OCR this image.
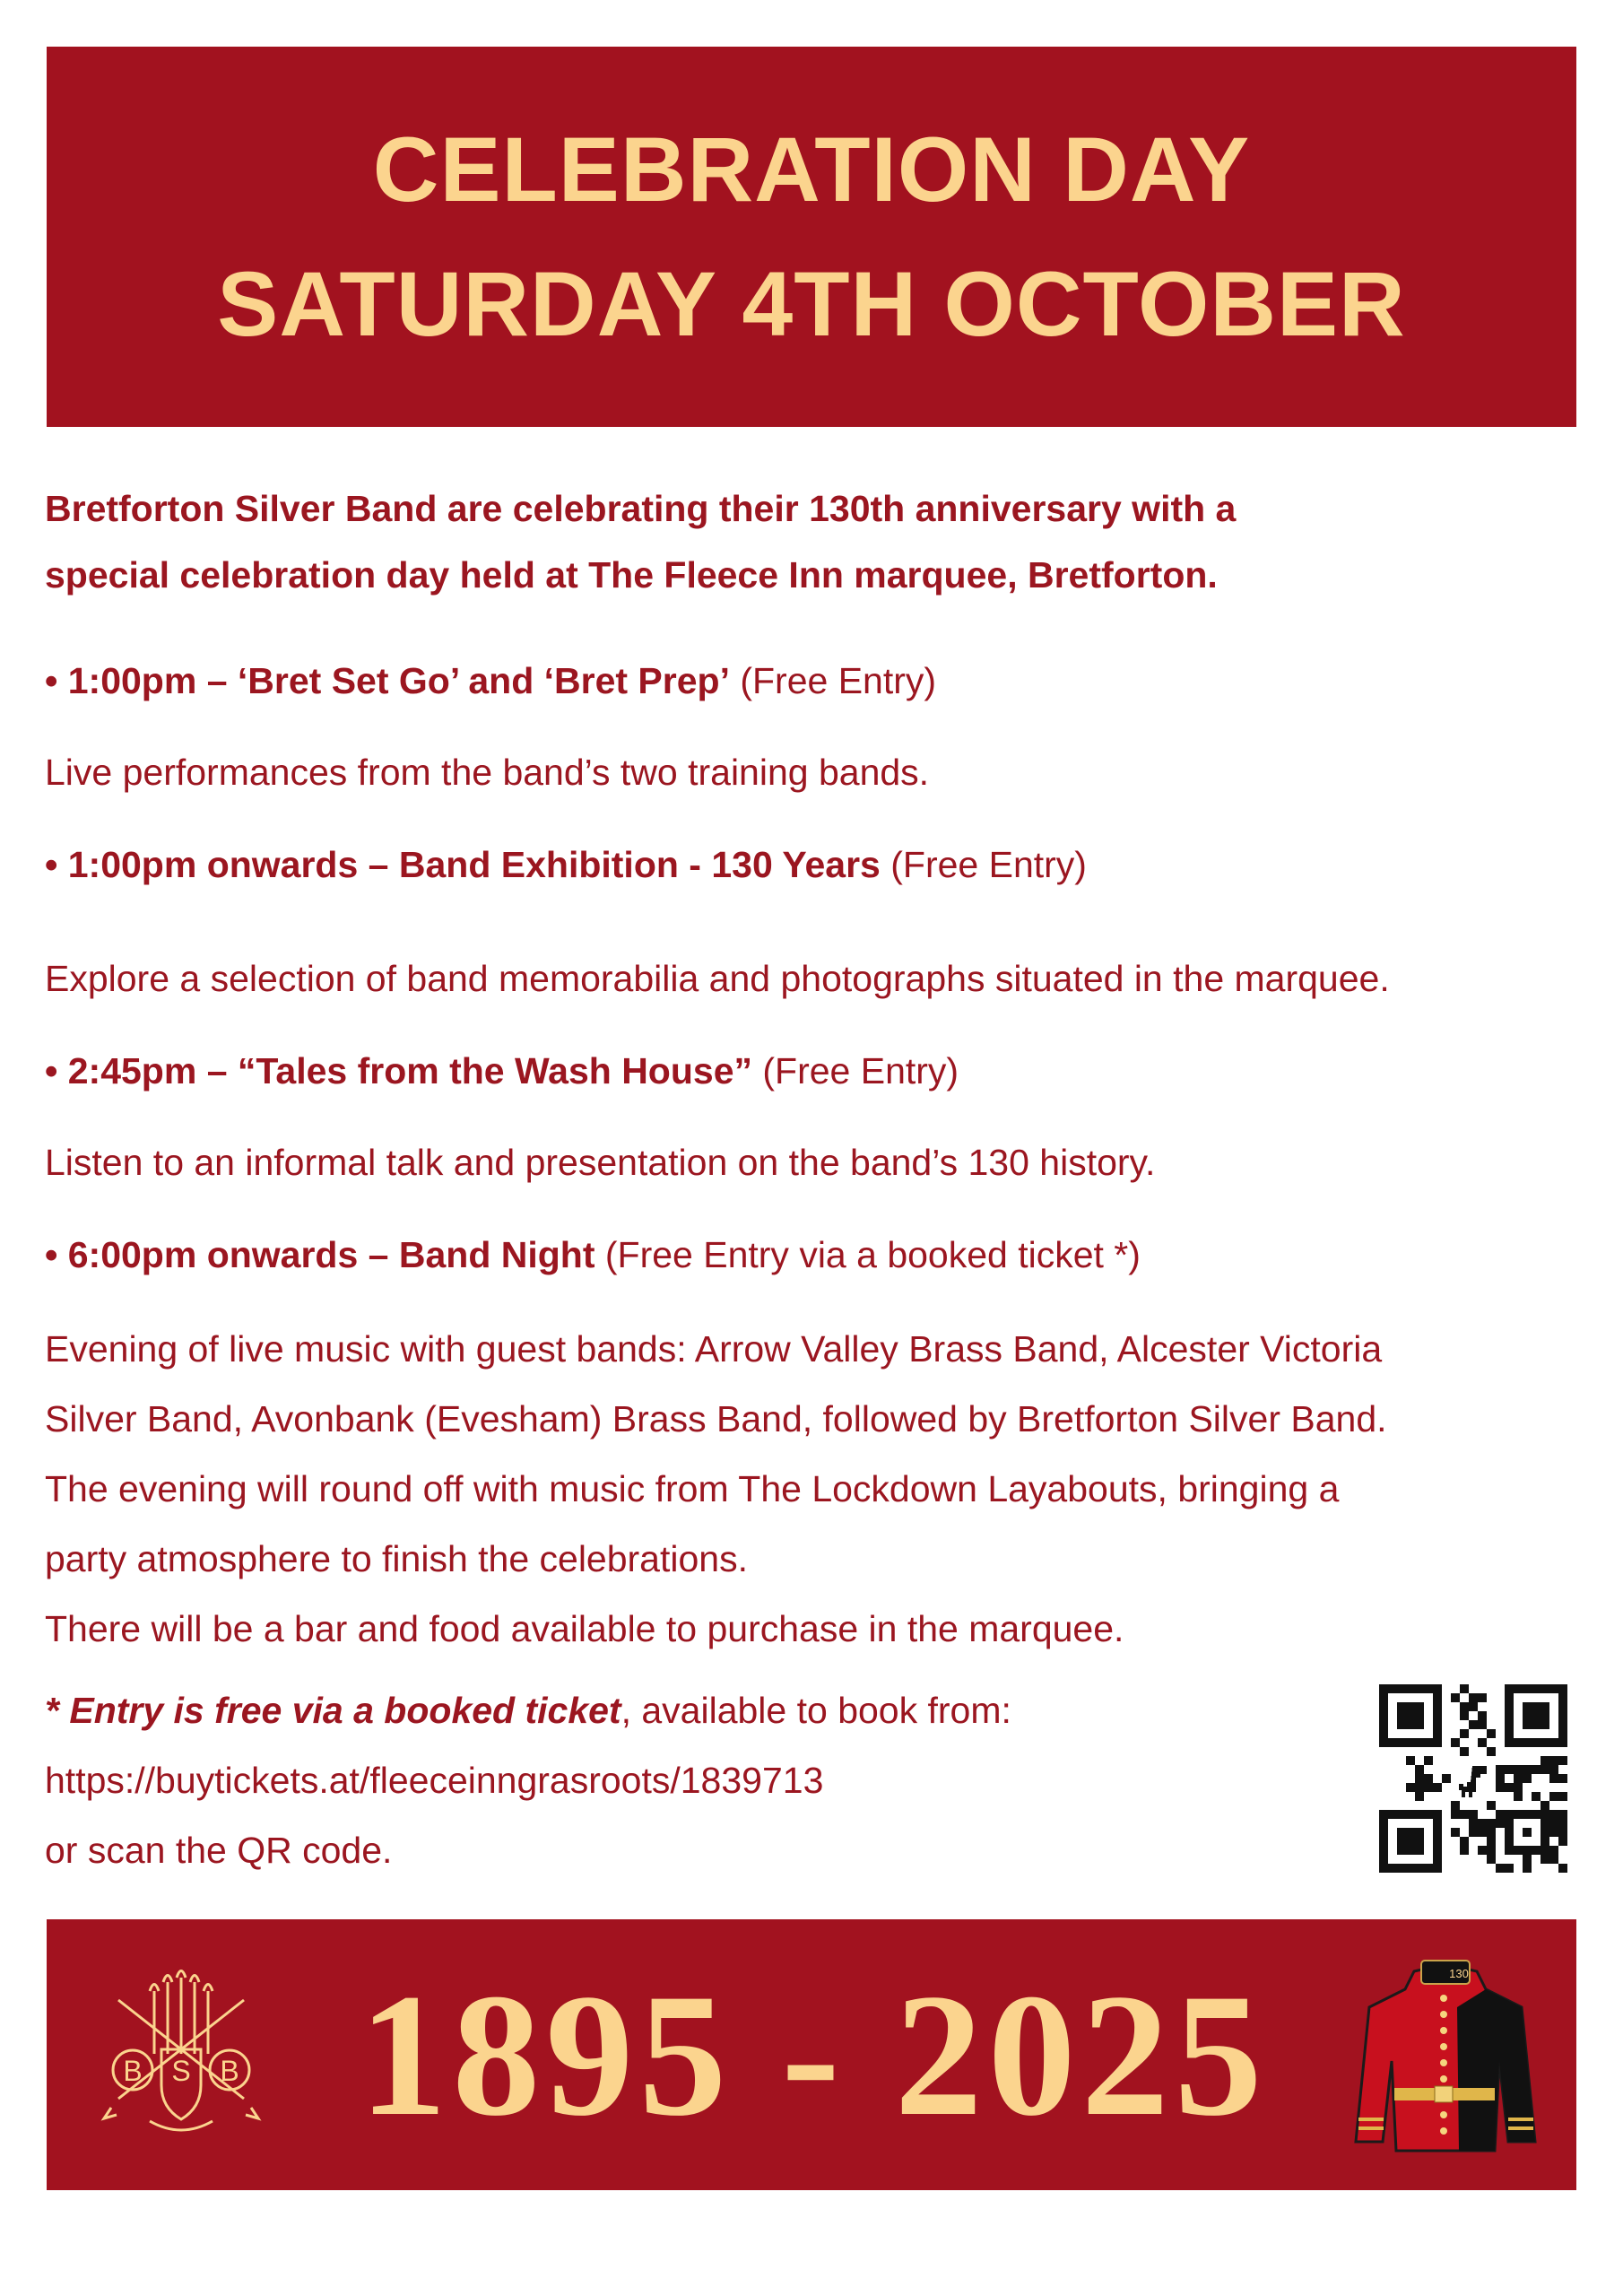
CELEBRATION DAY
SATURDAY 4TH OCTOBER

Bretforton Silver Band are celebrating their 130th anniversary with a

special celebration day held at The Fleece Inn marquee, Bretforton.

• 1:00pm – ‘Bret Set Go’ and ‘Bret Prep’ (Free Entry)

Live performances from the band’s two training bands.

• 1:00pm onwards – Band Exhibition - 130 Years (Free Entry)

Explore a selection of band memorabilia and photographs situated in the marquee.

• 2:45pm – “Tales from the Wash House” (Free Entry)

Listen to an informal talk and presentation on the band’s 130 history.

• 6:00pm onwards – Band Night (Free Entry via a booked ticket *)

Evening of live music with guest bands: Arrow Valley Brass Band, Alcester Victoria

Silver Band, Avonbank (Evesham) Brass Band, followed by Bretforton Silver Band.

The evening will round off with music from The Lockdown Layabouts, bringing a

party atmosphere to finish the celebrations.

There will be a bar and food available to purchase in the marquee.

* Entry is free via a booked ticket, available to book from:
https://buytickets.at/fleeceinngrasroots/1839713
or scan the QR code.
B S B 1895 - 2025	130
